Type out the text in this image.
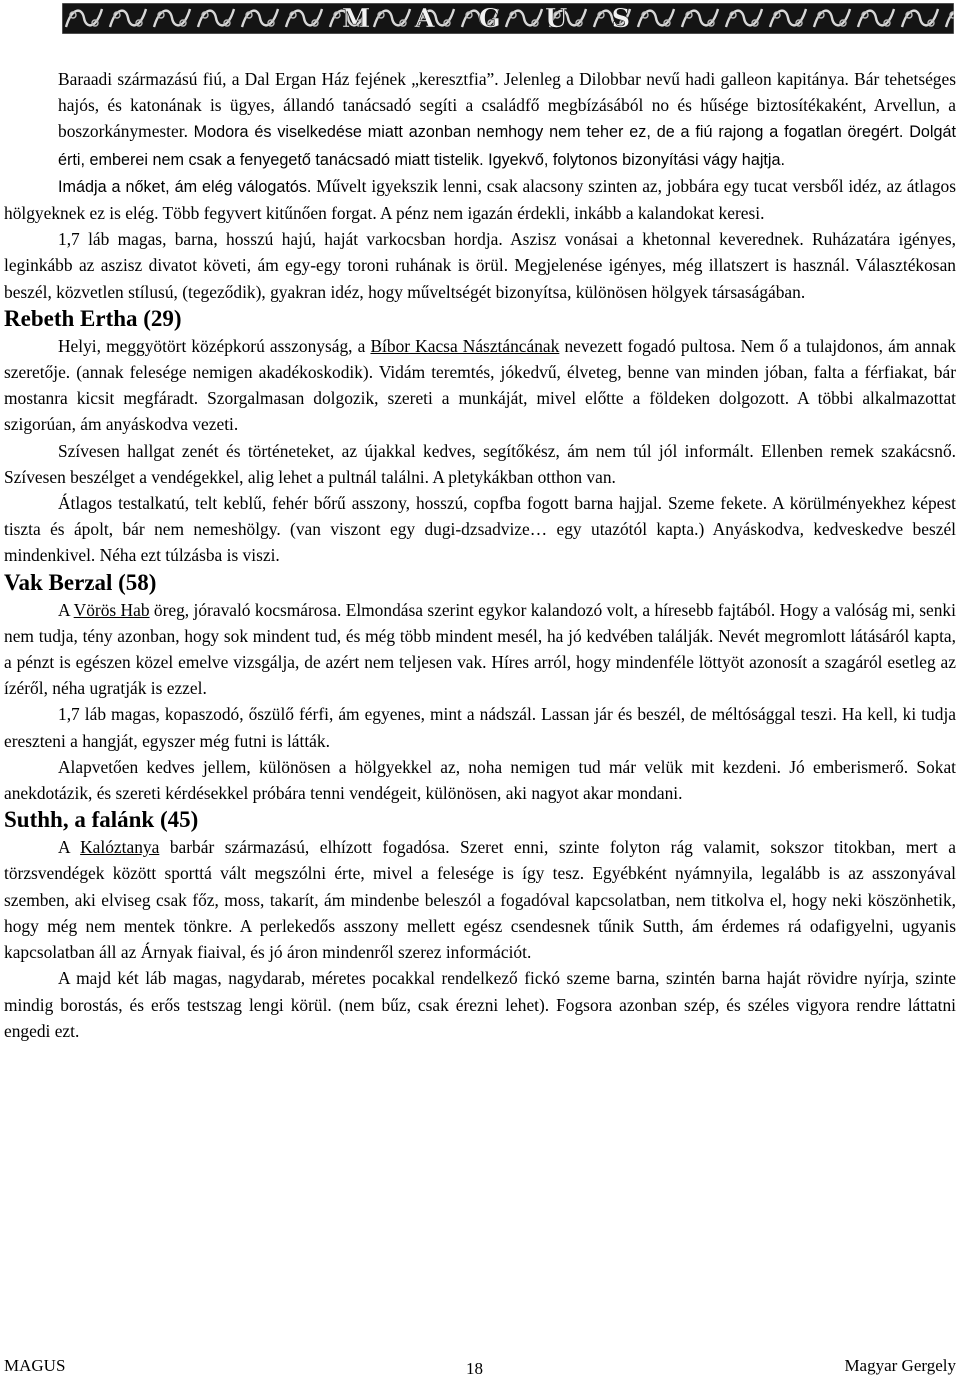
MAGUS

Baraadi származású fiú, a Dal Ergan Ház fejének „keresztfia”. Jelenleg a Dilobbar nevű hadi galleon kapitánya. Bár tehetséges hajós, és katonának is ügyes, állandó tanácsadó segíti a családfő megbízásából no és hűsége biztosítékaként, Arvellun, a boszorkánymester. Modora és viselkedése miatt azonban nemhogy nem teher ez, de a fiú rajong a fogatlan öregért. Dolgát érti, emberei nem csak a fenyegető tanácsadó miatt tistelik. Igyekvő, folytonos bizonyítási vágy hajtja.

Imádja a nőket, ám elég válogatós. Művelt igyekszik lenni, csak alacsony szinten az, jobbára egy tucat versből idéz, az átlagos hölgyeknek ez is elég. Több fegyvert kitűnően forgat. A pénz nem igazán érdekli, inkább a kalandokat keresi.

1,7 láb magas, barna, hosszú hajú, haját varkocsban hordja. Aszisz vonásai a khetonnal keverednek. Ruházatára igényes, leginkább az aszisz divatot követi, ám egy-egy toroni ruhának is örül. Megjelenése igényes, még illatszert is használ. Választékosan beszél, közvetlen stílusú, (tegeződik), gyakran idéz, hogy műveltségét bizonyítsa, különösen hölgyek társaságában.

Rebeth Ertha (29)

Helyi, meggyötört középkorú asszonyság, a Bíbor Kacsa Násztáncának nevezett fogadó pultosa. Nem ő a tulajdonos, ám annak szeretője. (annak felesége nemigen akadékoskodik). Vidám teremtés, jókedvű, élveteg, benne van minden jóban, falta a férfiakat, bár mostanra kicsit megfáradt. Szorgalmasan dolgozik, szereti a munkáját, mivel előtte a földeken dolgozott. A többi alkalmazottat szigorúan, ám anyáskodva vezeti.

Szívesen hallgat zenét és történeteket, az újakkal kedves, segítőkész, ám nem túl jól informált. Ellenben remek szakácsnő. Szívesen beszélget a vendégekkel, alig lehet a pultnál találni. A pletykákban otthon van.

Átlagos testalkatú, telt keblű, fehér bőrű asszony, hosszú, copfba fogott barna hajjal. Szeme fekete. A körülményekhez képest tiszta és ápolt, bár nem nemeshölgy. (van viszont egy dugi-dzsadvize… egy utazótól kapta.) Anyáskodva, kedveskedve beszél mindenkivel. Néha ezt túlzásba is viszi.

Vak Berzal (58)

A Vörös Hab öreg, jóravaló kocsmárosa. Elmondása szerint egykor kalandozó volt, a híresebb fajtából. Hogy a valóság mi, senki nem tudja, tény azonban, hogy sok mindent tud, és még több mindent mesél, ha jó kedvében találják. Nevét megromlott látásáról kapta, a pénzt is egészen közel emelve vizsgálja, de azért nem teljesen vak. Híres arról, hogy mindenféle löttyöt azonosít a szagáról esetleg az ízéről, néha ugratják is ezzel.

1,7 láb magas, kopaszodó, őszülő férfi, ám egyenes, mint a nádszál. Lassan jár és beszél, de méltósággal teszi. Ha kell, ki tudja ereszteni a hangját, egyszer még futni is látták.

Alapvetően kedves jellem, különösen a hölgyekkel az, noha nemigen tud már velük mit kezdeni. Jó emberismerő. Sokat anekdotázik, és szereti kérdésekkel próbára tenni vendégeit, különösen, aki nagyot akar mondani.

Suthh, a falánk (45)

A Kalóztanya barbár származású, elhízott fogadósa. Szeret enni, szinte folyton rág valamit, sokszor titokban, mert a törzsvendégek között sporttá vált megszólni érte, mivel a felesége is így tesz. Egyébként nyámnyila, legalább is az asszonyával szemben, aki elviseg csak főz, moss, takarít, ám mindenbe beleszól a fogadóval kapcsolatban, nem titkolva el, hogy neki köszönhetik, hogy még nem mentek tönkre. A perlekedős asszony mellett egész csendesnek tűnik Sutth, ám érdemes rá odafigyelni, ugyanis kapcsolatban áll az Árnyak fiaival, és jó áron mindenről szerez információt.

A majd két láb magas, nagydarab, méretes pocakkal rendelkező fickó szeme barna, szintén barna haját rövidre nyírja, szinte mindig borostás, és erős testszag lengi körül. (nem bűz, csak érezni lehet). Fogsora azonban szép, és széles vigyora rendre láttatni engedi ezt.

MAGUS	18	Magyar Gergely
